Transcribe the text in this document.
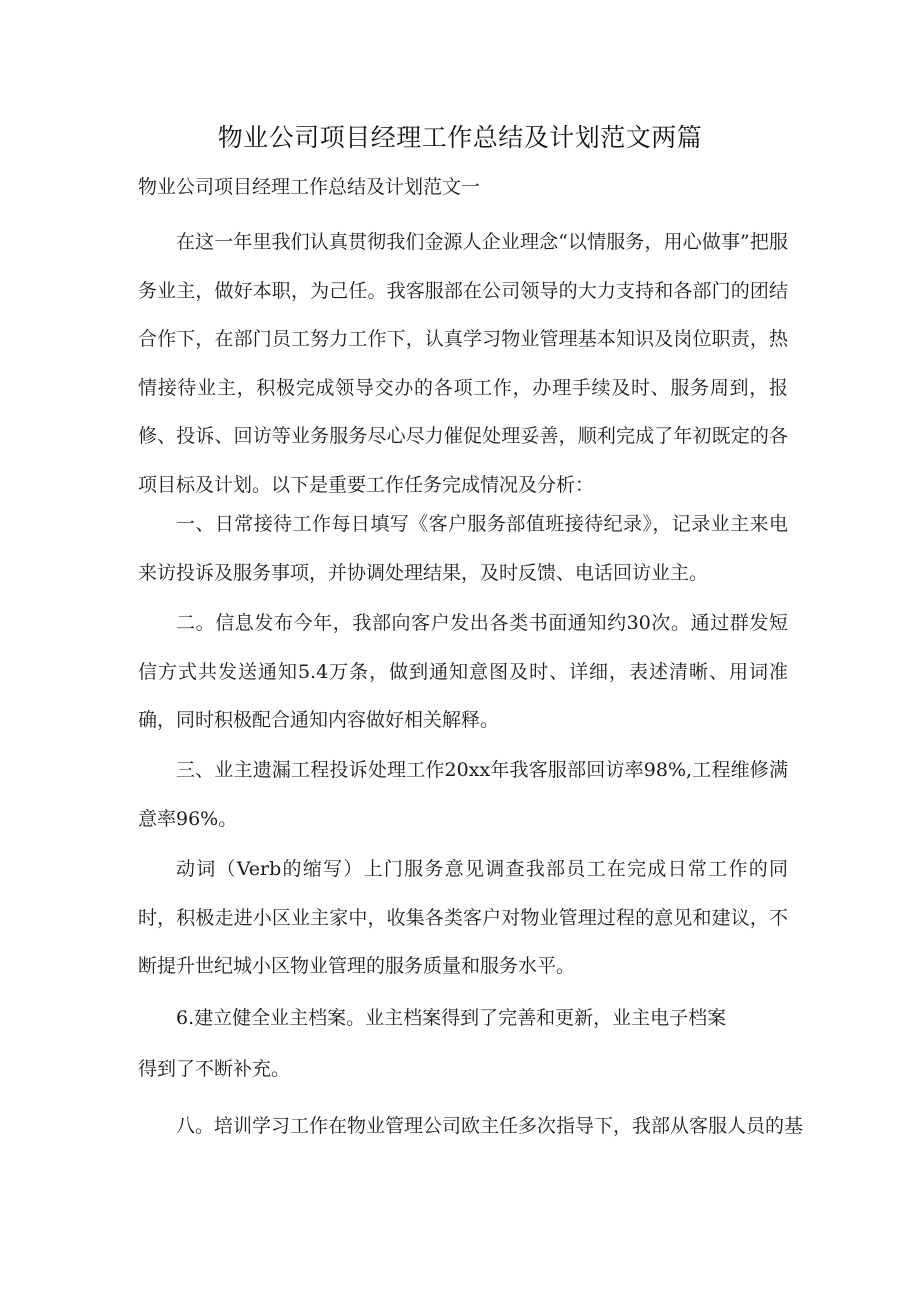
物业公司项目经理工作总结及计划范文两篇
物业公司项目经理工作总结及计划范文一

在这一年里我们认真贯彻我们金源人企业理念“以情服务，用心做事”把服务业主，做好本职，为己任。我客服部在公司领导的大力支持和各部门的团结合作下，在部门员工努力工作下，认真学习物业管理基本知识及岗位职责，热情接待业主，积极完成领导交办的各项工作，办理手续及时、服务周到，报修、投诉、回访等业务服务尽心尽力催促处理妥善，顺利完成了年初既定的各项目标及计划。以下是重要工作任务完成情况及分析：

一、日常接待工作每日填写《客户服务部值班接待纪录》，记录业主来电来访投诉及服务事项，并协调处理结果，及时反馈、电话回访业主。

二。信息发布今年，我部向客户发出各类书面通知约30次。通过群发短信方式共发送通知5.4万条，做到通知意图及时、详细，表述清晰、用词准确，同时积极配合通知内容做好相关解释。

三、业主遗漏工程投诉处理工作20xx年我客服部回访率98%,工程维修满意率96%。

动词（Verb的缩写）上门服务意见调查我部员工在完成日常工作的同时，积极走进小区业主家中，收集各类客户对物业管理过程的意见和建议，不断提升世纪城小区物业管理的服务质量和服务水平。

6.建立健全业主档案。业主档案得到了完善和更新，业主电子档案

得到了不断补充。

八。培训学习工作在物业管理公司欧主任多次指导下，我部从客服人员的基
